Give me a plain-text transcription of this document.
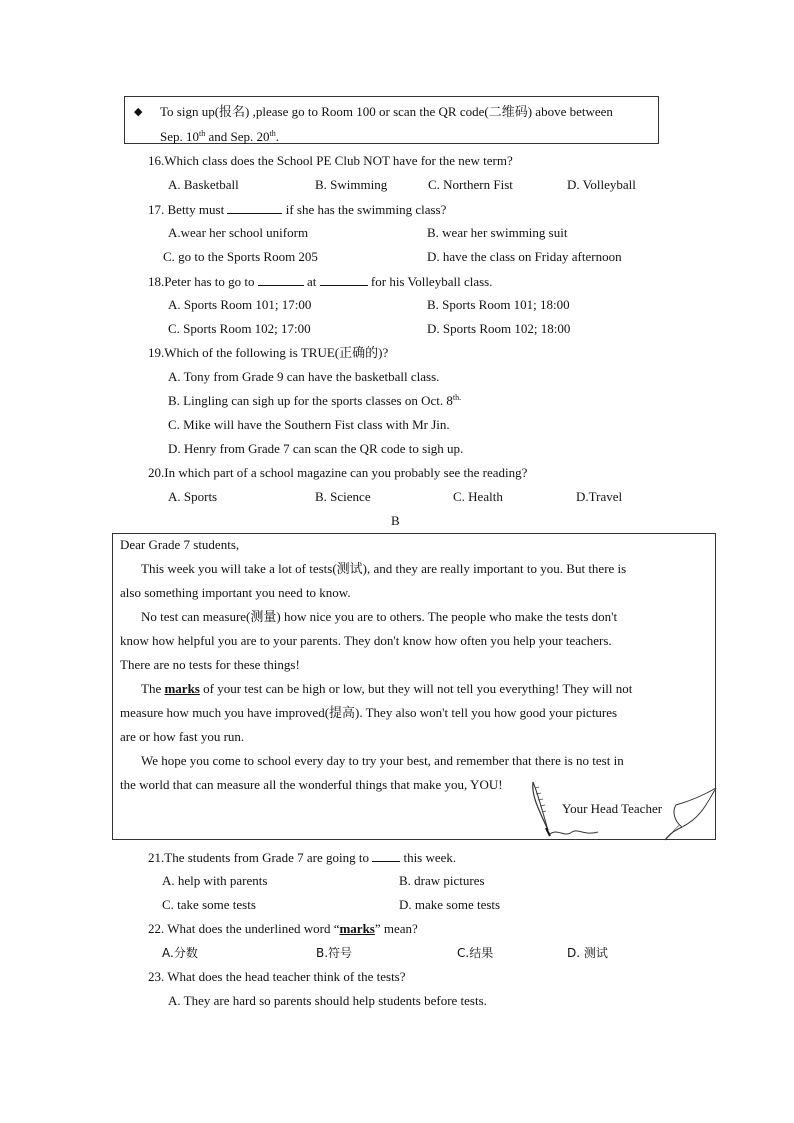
◆ To sign up(报名) ,please go to Room 100 or scan the QR code(二维码) above between
Sep. 10th and Sep. 20th.
16.Which class does the School PE Club NOT have for the new term?
A. Basketball	B. Swimming	C. Northern Fist	D. Volleyball
17. Betty must	if she has the swimming class?
A.wear her school uniform	B. wear her swimming suit
C. go to the Sports Room 205	D. have the class on Friday afternoon
18.Peter has to go to	at	for his Volleyball class.
A. Sports Room 101; 17:00	B. Sports Room 101; 18:00
C. Sports Room 102; 17:00	D. Sports Room 102; 18:00
19.Which of the following is TRUE(正确的)?
A. Tony from Grade 9 can have the basketball class.
B. Lingling can sigh up for the sports classes on Oct. $8^{th.}$
C. Mike will have the Southern Fist class with Mr Jin.
D. Henry from Grade 7 can scan the QR code to sigh up.
20.In which part of a school magazine can you probably see the reading?
A. Sports	B. Science	C. Health	D.Travel
B
Dear Grade 7 students,
This week you will take a lot of tests(测试), and they are really important to you. But there is
also something important you need to know.
No test can measure(测量) how nice you are to others. The people who make the tests don't
know how helpful you are to your parents. They don't know how often you help your teachers.
There are no tests for these things!
The marks of your test can be high or low, but they will not tell you everything! They will not
measure how much you have improved(提高). They also won't tell you how good your pictures
are or how fast you run.
We hope you come to school every day to try your best, and remember that there is no test in
the world that can measure all the wonderful things that make you, YOU!
Your Head Teacher
21.The students from Grade 7 are going to  this week.
A. help with parents	B. draw pictures
C. take some tests	D. make some tests
22. What does the underlined word “marks” mean?
A.分数	B.符号	C.结果	D. 测试
23. What does the head teacher think of the tests?
A. They are hard so parents should help students before tests.
